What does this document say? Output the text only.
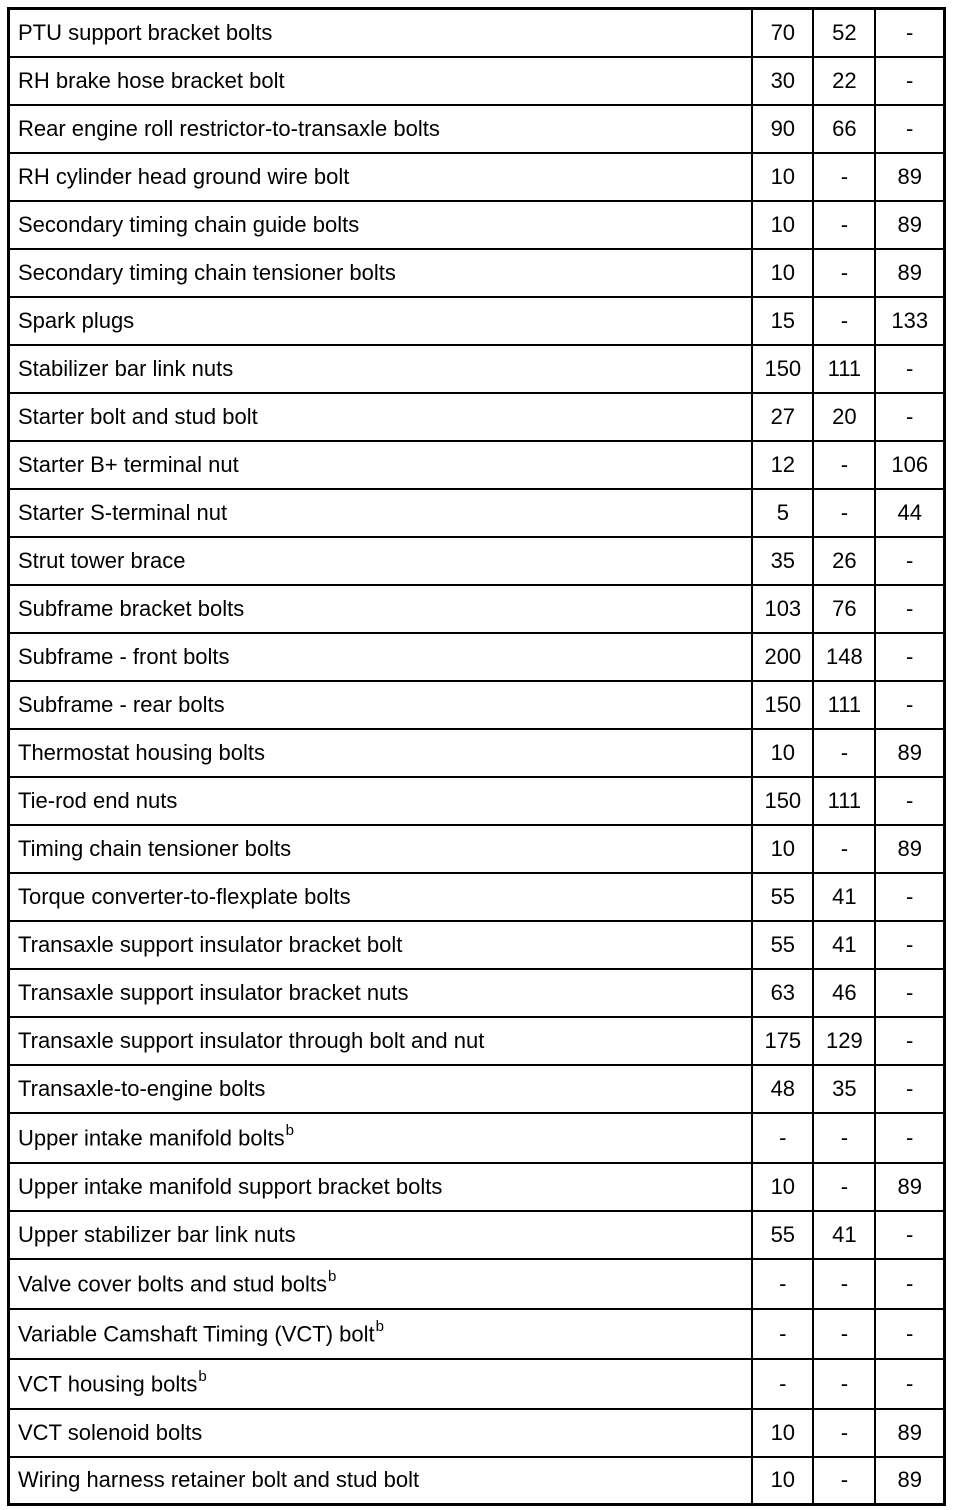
PTU support bracket bolts	70	52	-
RH brake hose bracket bolt	30	22	-
Rear engine roll restrictor-to-transaxle bolts	90	66	-
RH cylinder head ground wire bolt	10	-	89
Secondary timing chain guide bolts	10	-	89
Secondary timing chain tensioner bolts	10	-	89
Spark plugs	15	-	133
Stabilizer bar link nuts	150	111	-
Starter bolt and stud bolt	27	20	-
Starter B+ terminal nut	12	-	106
Starter S-terminal nut	5	-	44
Strut tower brace	35	26	-
Subframe bracket bolts	103	76	-
Subframe - front bolts	200	148	-
Subframe - rear bolts	150	111	-
Thermostat housing bolts	10	-	89
Tie-rod end nuts	150	111	-
Timing chain tensioner bolts	10	-	89
Torque converter-to-flexplate bolts	55	41	-
Transaxle support insulator bracket bolt	55	41	-
Transaxle support insulator bracket nuts	63	46	-
Transaxle support insulator through bolt and nut	175	129	-
Transaxle-to-engine bolts	48	35	-
Upper intake manifold bolts$^b$	-	-	-
Upper intake manifold support bracket bolts	10	-	89
Upper stabilizer bar link nuts	55	41	-
Valve cover bolts and stud bolts$^b$	-	-	-
Variable Camshaft Timing (VCT) bolt$^b$	-	-	-
VCT housing bolts$^b$	-	-	-
VCT solenoid bolts	10	-	89
Wiring harness retainer bolt and stud bolt	10	-	89
